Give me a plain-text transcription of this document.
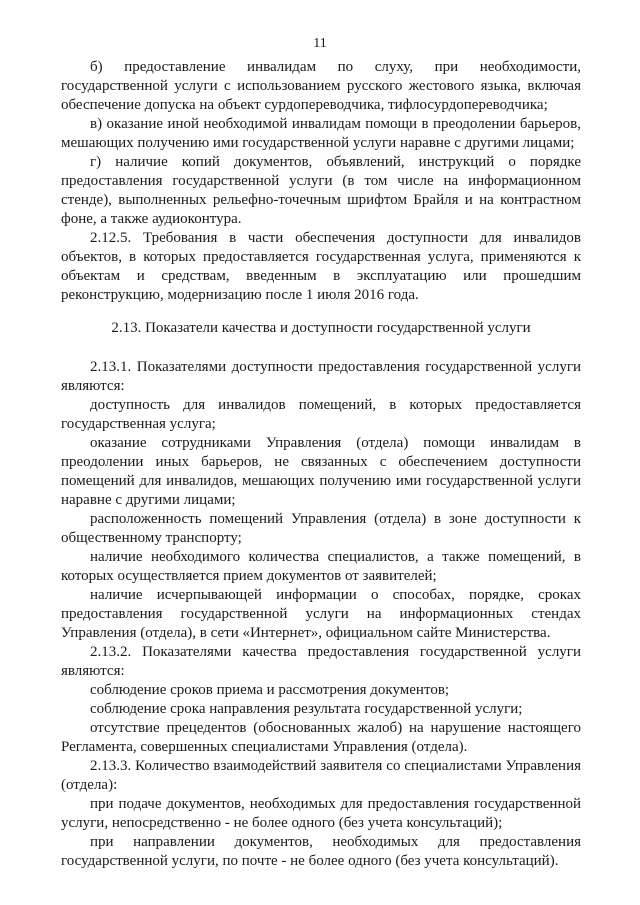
11

б) предоставление инвалидам по слуху, при необходимости, государственной услуги с использованием русского жестового языка, включая обеспечение допуска на объект сурдопереводчика, тифлосурдопереводчика;

в) оказание иной необходимой инвалидам помощи в преодолении барьеров, мешающих получению ими государственной услуги наравне с другими лицами;

г) наличие копий документов, объявлений, инструкций о порядке предоставления государственной услуги (в том числе на информационном стенде), выполненных рельефно-точечным шрифтом Брайля и на контрастном фоне, а также аудиоконтура.

2.12.5. Требования в части обеспечения доступности для инвалидов объектов, в которых предоставляется государственная услуга, применяются к объектам и средствам, введенным в эксплуатацию или прошедшим реконструкцию, модернизацию после 1 июля 2016 года.

2.13. Показатели качества и доступности государственной услуги

2.13.1. Показателями доступности предоставления государственной услуги являются:

доступность для инвалидов помещений, в которых предоставляется государственная услуга;

оказание сотрудниками Управления (отдела) помощи инвалидам в преодолении иных барьеров, не связанных с обеспечением доступности помещений для инвалидов, мешающих получению ими государственной услуги наравне с другими лицами;

расположенность помещений Управления (отдела) в зоне доступности к общественному транспорту;

наличие необходимого количества специалистов, а также помещений, в которых осуществляется прием документов от заявителей;

наличие исчерпывающей информации о способах, порядке, сроках предоставления государственной услуги на информационных стендах Управления (отдела), в сети «Интернет», официальном сайте Министерства.

2.13.2. Показателями качества предоставления государственной услуги являются:

соблюдение сроков приема и рассмотрения документов;

соблюдение срока направления результата государственной услуги;

отсутствие прецедентов (обоснованных жалоб) на нарушение настоящего Регламента, совершенных специалистами Управления (отдела).

2.13.3. Количество взаимодействий заявителя со специалистами Управления (отдела):

при подаче документов, необходимых для предоставления государственной услуги, непосредственно - не более одного (без учета консультаций);

при направлении документов, необходимых для предоставления государственной услуги, по почте - не более одного (без учета консультаций).
